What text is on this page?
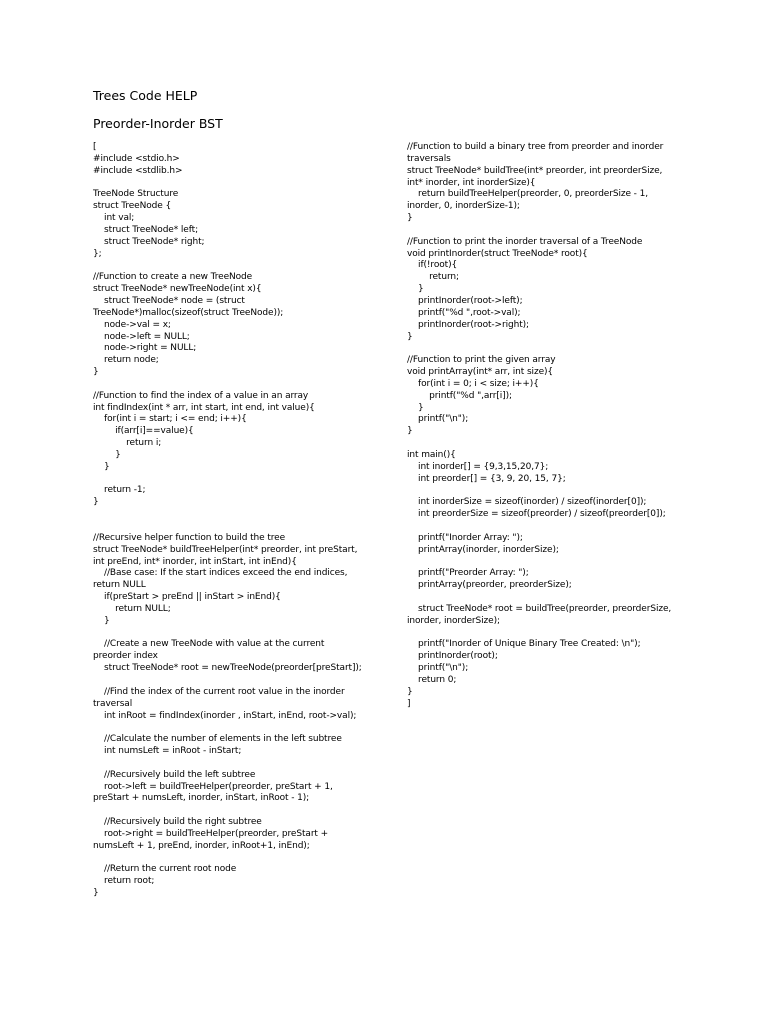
Trees Code HELP
Preorder-Inorder BST
[
#include <stdio.h>
#include <stdlib.h>
TreeNode Structure
struct TreeNode {
int val;
struct TreeNode* left;
struct TreeNode* right;
};
//Function to create a new TreeNode
struct TreeNode* newTreeNode(int x){
struct TreeNode* node = (struct TreeNode*)malloc(sizeof(struct TreeNode));
node->val = x;
node->left = NULL;
node->right = NULL;
return node;
}
//Function to find the index of a value in an array
int findIndex(int * arr, int start, int end, int value){
for(int i = start; i <= end; i++){
if(arr[i]==value){
return i;
}
}
return -1;
}
//Recursive helper function to build the tree
struct TreeNode* buildTreeHelper(int* preorder, int preStart, int preEnd, int* inorder, int inStart, int inEnd){
//Base case: If the start indices exceed the end indices, return NULL
if(preStart > preEnd || inStart > inEnd){
return NULL;
}
//Create a new TreeNode with value at the current preorder index
struct TreeNode* root = newTreeNode(preorder[preStart]);
//Find the index of the current root value in the inorder traversal
int inRoot = findIndex(inorder , inStart, inEnd, root->val);
//Calculate the number of elements in the left subtree
int numsLeft = inRoot - inStart;
//Recursively build the left subtree
root->left = buildTreeHelper(preorder, preStart + 1, preStart + numsLeft, inorder, inStart, inRoot - 1);
//Recursively build the right subtree
root->right = buildTreeHelper(preorder, preStart + numsLeft + 1, preEnd, inorder, inRoot+1, inEnd);
//Return the current root node
return root;
}
//Function to build a binary tree from preorder and inorder traversals
struct TreeNode* buildTree(int* preorder, int preorderSize, int* inorder, int inorderSize){
return buildTreeHelper(preorder, 0, preorderSize - 1, inorder, 0, inorderSize-1);
}
//Function to print the inorder traversal of a TreeNode
void printInorder(struct TreeNode* root){
if(!root){
return;
}
printInorder(root->left);
printf("%d ",root->val);
printInorder(root->right);
}
//Function to print the given array
void printArray(int* arr, int size){
for(int i = 0; i < size; i++){
printf("%d ",arr[i]);
}
printf("\n");
}
int main(){
int inorder[] = {9,3,15,20,7};
int preorder[] = {3, 9, 20, 15, 7};
int inorderSize = sizeof(inorder) / sizeof(inorder[0]);
int preorderSize = sizeof(preorder) / sizeof(preorder[0]);
printf("Inorder Array: ");
printArray(inorder, inorderSize);
printf("Preorder Array: ");
printArray(preorder, preorderSize);
struct TreeNode* root = buildTree(preorder, preorderSize, inorder, inorderSize);
printf("Inorder of Unique Binary Tree Created: \n");
printInorder(root);
printf("\n");
return 0;
}
]
